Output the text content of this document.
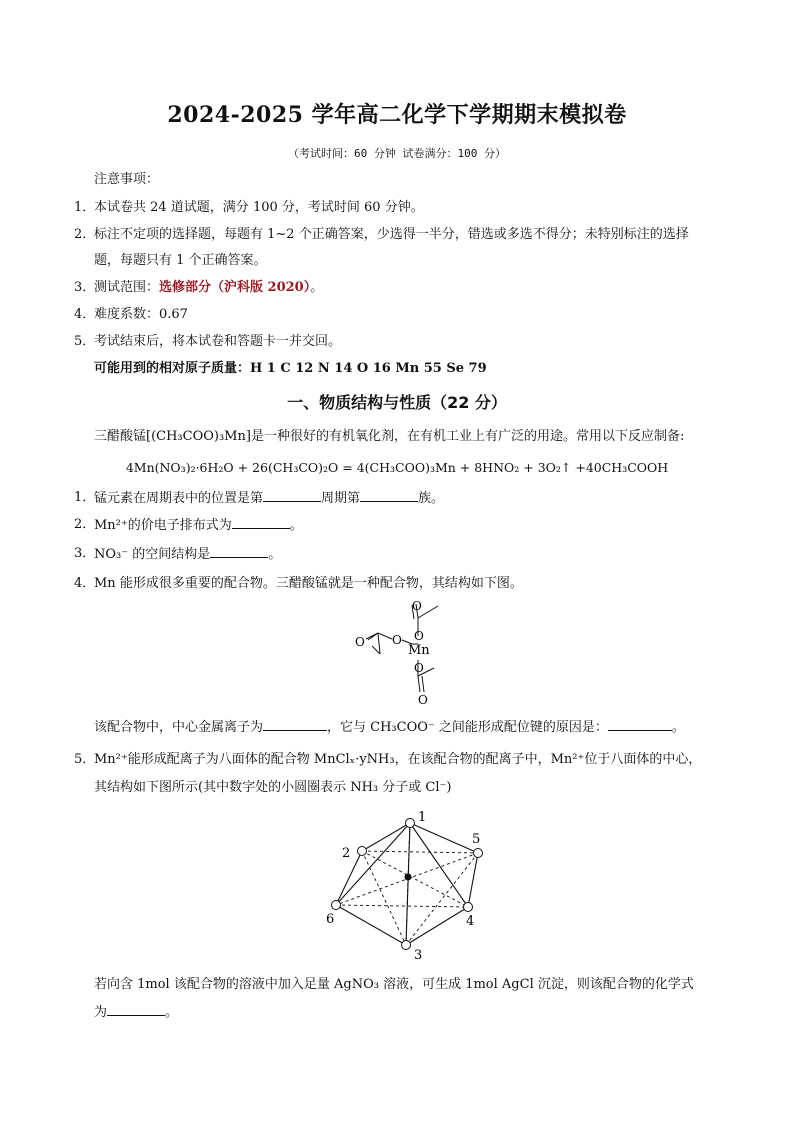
2024-2025 学年高二化学下学期期末模拟卷
（考试时间：60 分钟 试卷满分：100 分）
注意事项：
1．
本试卷共 24 道试题，满分 100 分，考试时间 60 分钟。
2．
标注不定项的选择题，每题有 1~2 个正确答案，少选得一半分，错选或多选不得分；未特别标注的选择
题，每题只有 1 个正确答案。
3．
测试范围：选修部分（沪科版 2020）。
4．
难度系数：0.67
5．
考试结束后，将本试卷和答题卡一并交回。
可能用到的相对原子质量：H 1 C 12 N 14 O 16 Mn 55 Se 79
一、物质结构与性质（22 分）
三醋酸锰[(CH₃COO)₃Mn]是一种很好的有机氧化剂，在有机工业上有广泛的用途。常用以下反应制备:
4Mn(NO₃)₂·6H₂O + 26(CH₃CO)₂O = 4(CH₃COO)₃Mn + 8HNO₂ + 3O₂↑ +40CH₃COOH
1．
锰元素在周期表中的位置是第	周期第	族。
2．
Mn²⁺的价电子排布式为	。
3．
NO₃⁻ 的空间结构是	。
4．
Mn 能形成很多重要的配合物。三醋酸锰就是一种配合物，其结构如下图。
O
O
O
O
Mn
O
O
该配合物中，中心金属离子为	，它与 CH₃COO⁻ 之间能形成配位键的原因是：	。
5．
Mn²⁺能形成配离子为八面体的配合物 MnClₓ·yNH₃，在该配合物的配离子中，Mn²⁺位于八面体的中心，
其结构如下图所示(其中数字处的小圆圈表示 NH₃ 分子或 Cl⁻)
1
2
3
4
5
6
若向含 1mol 该配合物的溶液中加入足量 AgNO₃ 溶液，可生成 1mol AgCl 沉淀，则该配合物的化学式
为	。
